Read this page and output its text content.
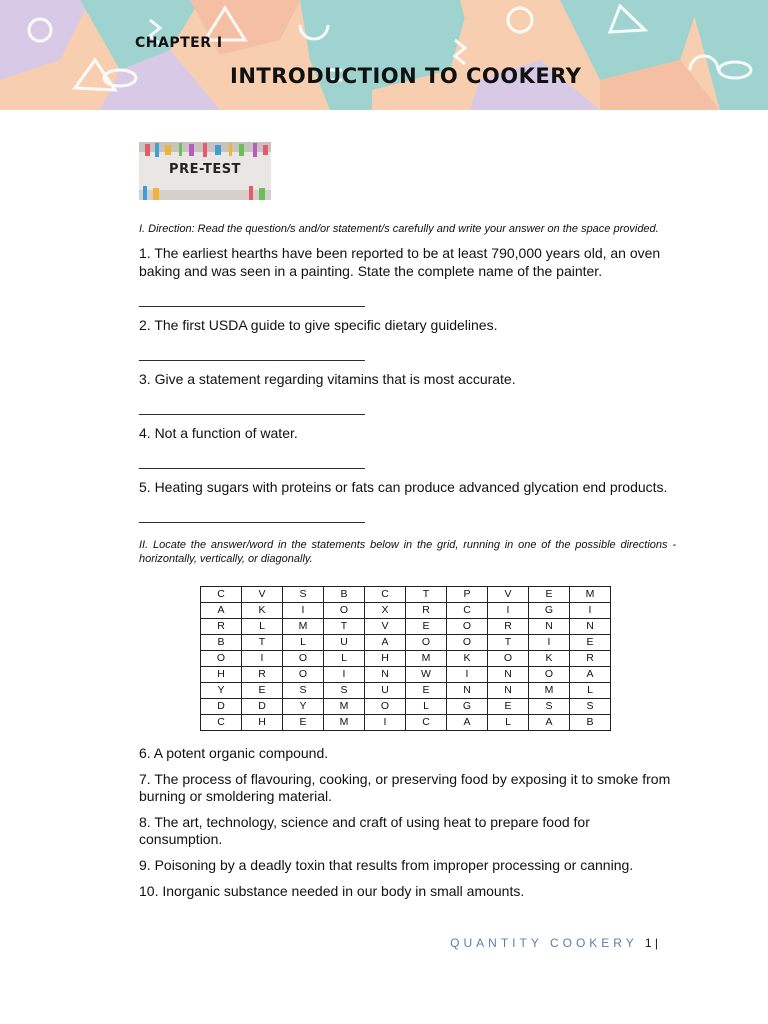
CHAPTER I
INTRODUCTION TO COOKERY
PRE-TEST

I. Direction: Read the question/s and/or statement/s carefully and write your answer on the space provided.

1. The earliest hearths have been reported to be at least 790,000 years old, an oven baking and was seen in a painting. State the complete name of the painter.

_____________________________

2. The first USDA guide to give specific dietary guidelines.

_____________________________

3. Give a statement regarding vitamins that is most accurate.

_____________________________

4. Not a function of water.

_____________________________

5. Heating sugars with proteins or fats can produce advanced glycation end products.

_____________________________

II. Locate the answer/word in the statements below in the grid, running in one of the possible directions - horizontally, vertically, or diagonally.

C	V	S	B	C	T	P	V	E	M
A	K	I	O	X	R	C	I	G	I
R	L	M	T	V	E	O	R	N	N
B	T	L	U	A	O	O	T	I	E
O	I	O	L	H	M	K	O	K	R
H	R	O	I	N	W	I	N	O	A
Y	E	S	S	U	E	N	N	M	L
D	D	Y	M	O	L	G	E	S	S
C	H	E	M	I	C	A	L	A	B

6. A potent organic compound.

7. The process of flavouring, cooking, or preserving food by exposing it to smoke from burning or smoldering material.

8. The art, technology, science and craft of using heat to prepare food for consumption.

9. Poisoning by a deadly toxin that results from improper processing or canning.

10. Inorganic substance needed in our body in small amounts.

QUANTITY COOKERY 1 |
